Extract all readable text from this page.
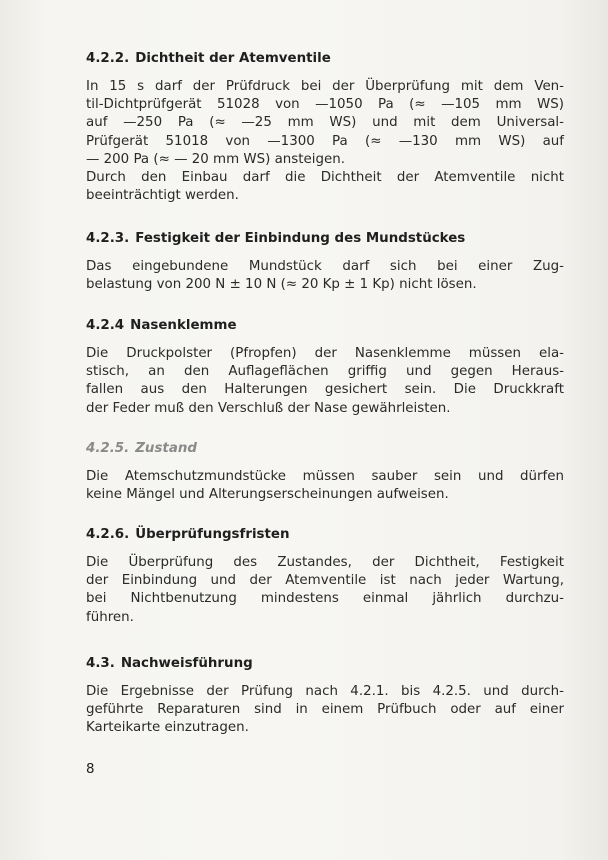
4.2.2. Dichtheit der Atemventile
In 15 s darf der Prüfdruck bei der Überprüfung mit dem Ven-
til-Dichtprüfgerät 51028 von —1050 Pa (≈ —105 mm WS)
auf —250 Pa (≈ —25 mm WS) und mit dem Universal-
Prüfgerät 51018 von —1300 Pa (≈ —130 mm WS) auf
— 200 Pa (≈ — 20 mm WS) ansteigen.
Durch den Einbau darf die Dichtheit der Atemventile nicht
beeinträchtigt werden.
4.2.3. Festigkeit der Einbindung des Mundstückes
Das eingebundene Mundstück darf sich bei einer Zug-
belastung von 200 N ± 10 N (≈ 20 Kp ± 1 Kp) nicht lösen.
4.2.4 Nasenklemme
Die Druckpolster (Pfropfen) der Nasenklemme müssen ela-
stisch, an den Auflageflächen griffig und gegen Heraus-
fallen aus den Halterungen gesichert sein. Die Druckkraft
der Feder muß den Verschluß der Nase gewährleisten.
4.2.5. Zustand
Die Atemschutzmundstücke müssen sauber sein und dürfen
keine Mängel und Alterungserscheinungen aufweisen.
4.2.6. Überprüfungsfristen
Die Überprüfung des Zustandes, der Dichtheit, Festigkeit
der Einbindung und der Atemventile ist nach jeder Wartung,
bei Nichtbenutzung mindestens einmal jährlich durchzu-
führen.
4.3. Nachweisführung
Die Ergebnisse der Prüfung nach 4.2.1. bis 4.2.5. und durch-
geführte Reparaturen sind in einem Prüfbuch oder auf einer
Karteikarte einzutragen.
8
